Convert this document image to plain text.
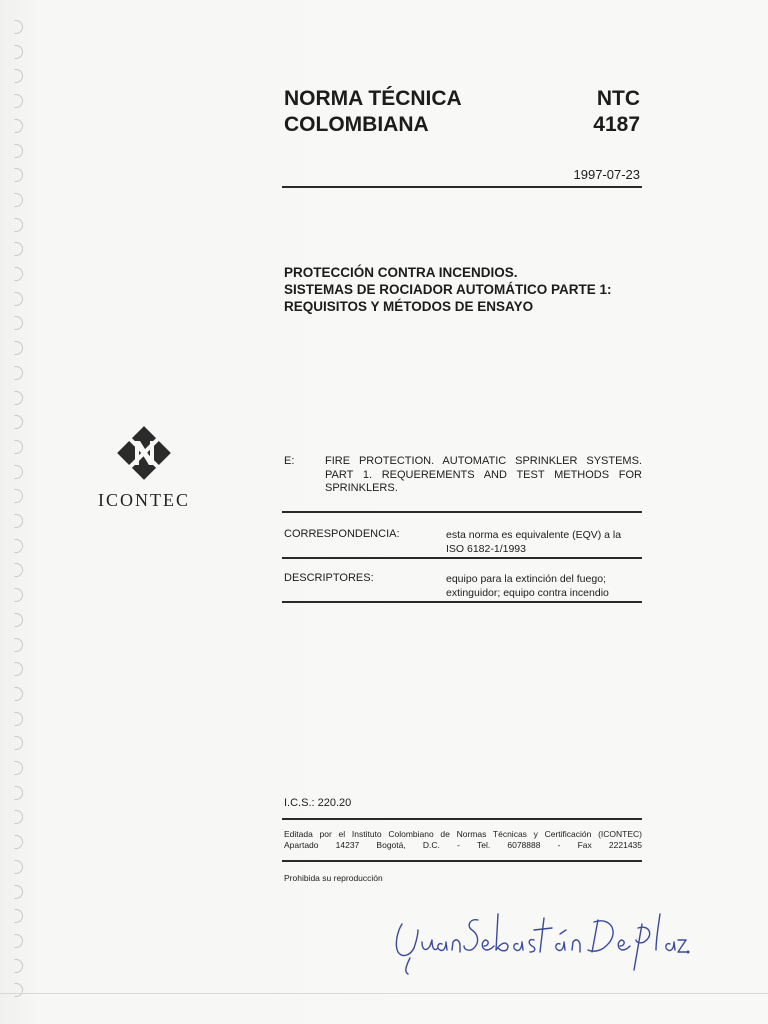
NORMA TÉCNICA
COLOMBIANA
NTC
4187
1997-07-23
PROTECCIÓN CONTRA INCENDIOS.
SISTEMAS DE ROCIADOR AUTOMÁTICO PARTE 1:
REQUISITOS Y MÉTODOS DE ENSAYO
ICONTEC
E:	FIRE PROTECTION. AUTOMATIC SPRINKLER SYSTEMS.
PART 1. REQUEREMENTS AND TEST METHODS FOR
SPRINKLERS.
CORRESPONDENCIA:	esta norma es equivalente (EQV) a la
ISO 6182-1/1993
DESCRIPTORES:	equipo para la extinción del fuego;
extinguidor; equipo contra incendio
I.C.S.: 220.20
Editada por el Instituto Colombiano de Normas Técnicas y Certificación (ICONTEC)
Apartado 14237 Bogotá, D.C. - Tel. 6078888 - Fax 2221435
Prohibida su reproducción
